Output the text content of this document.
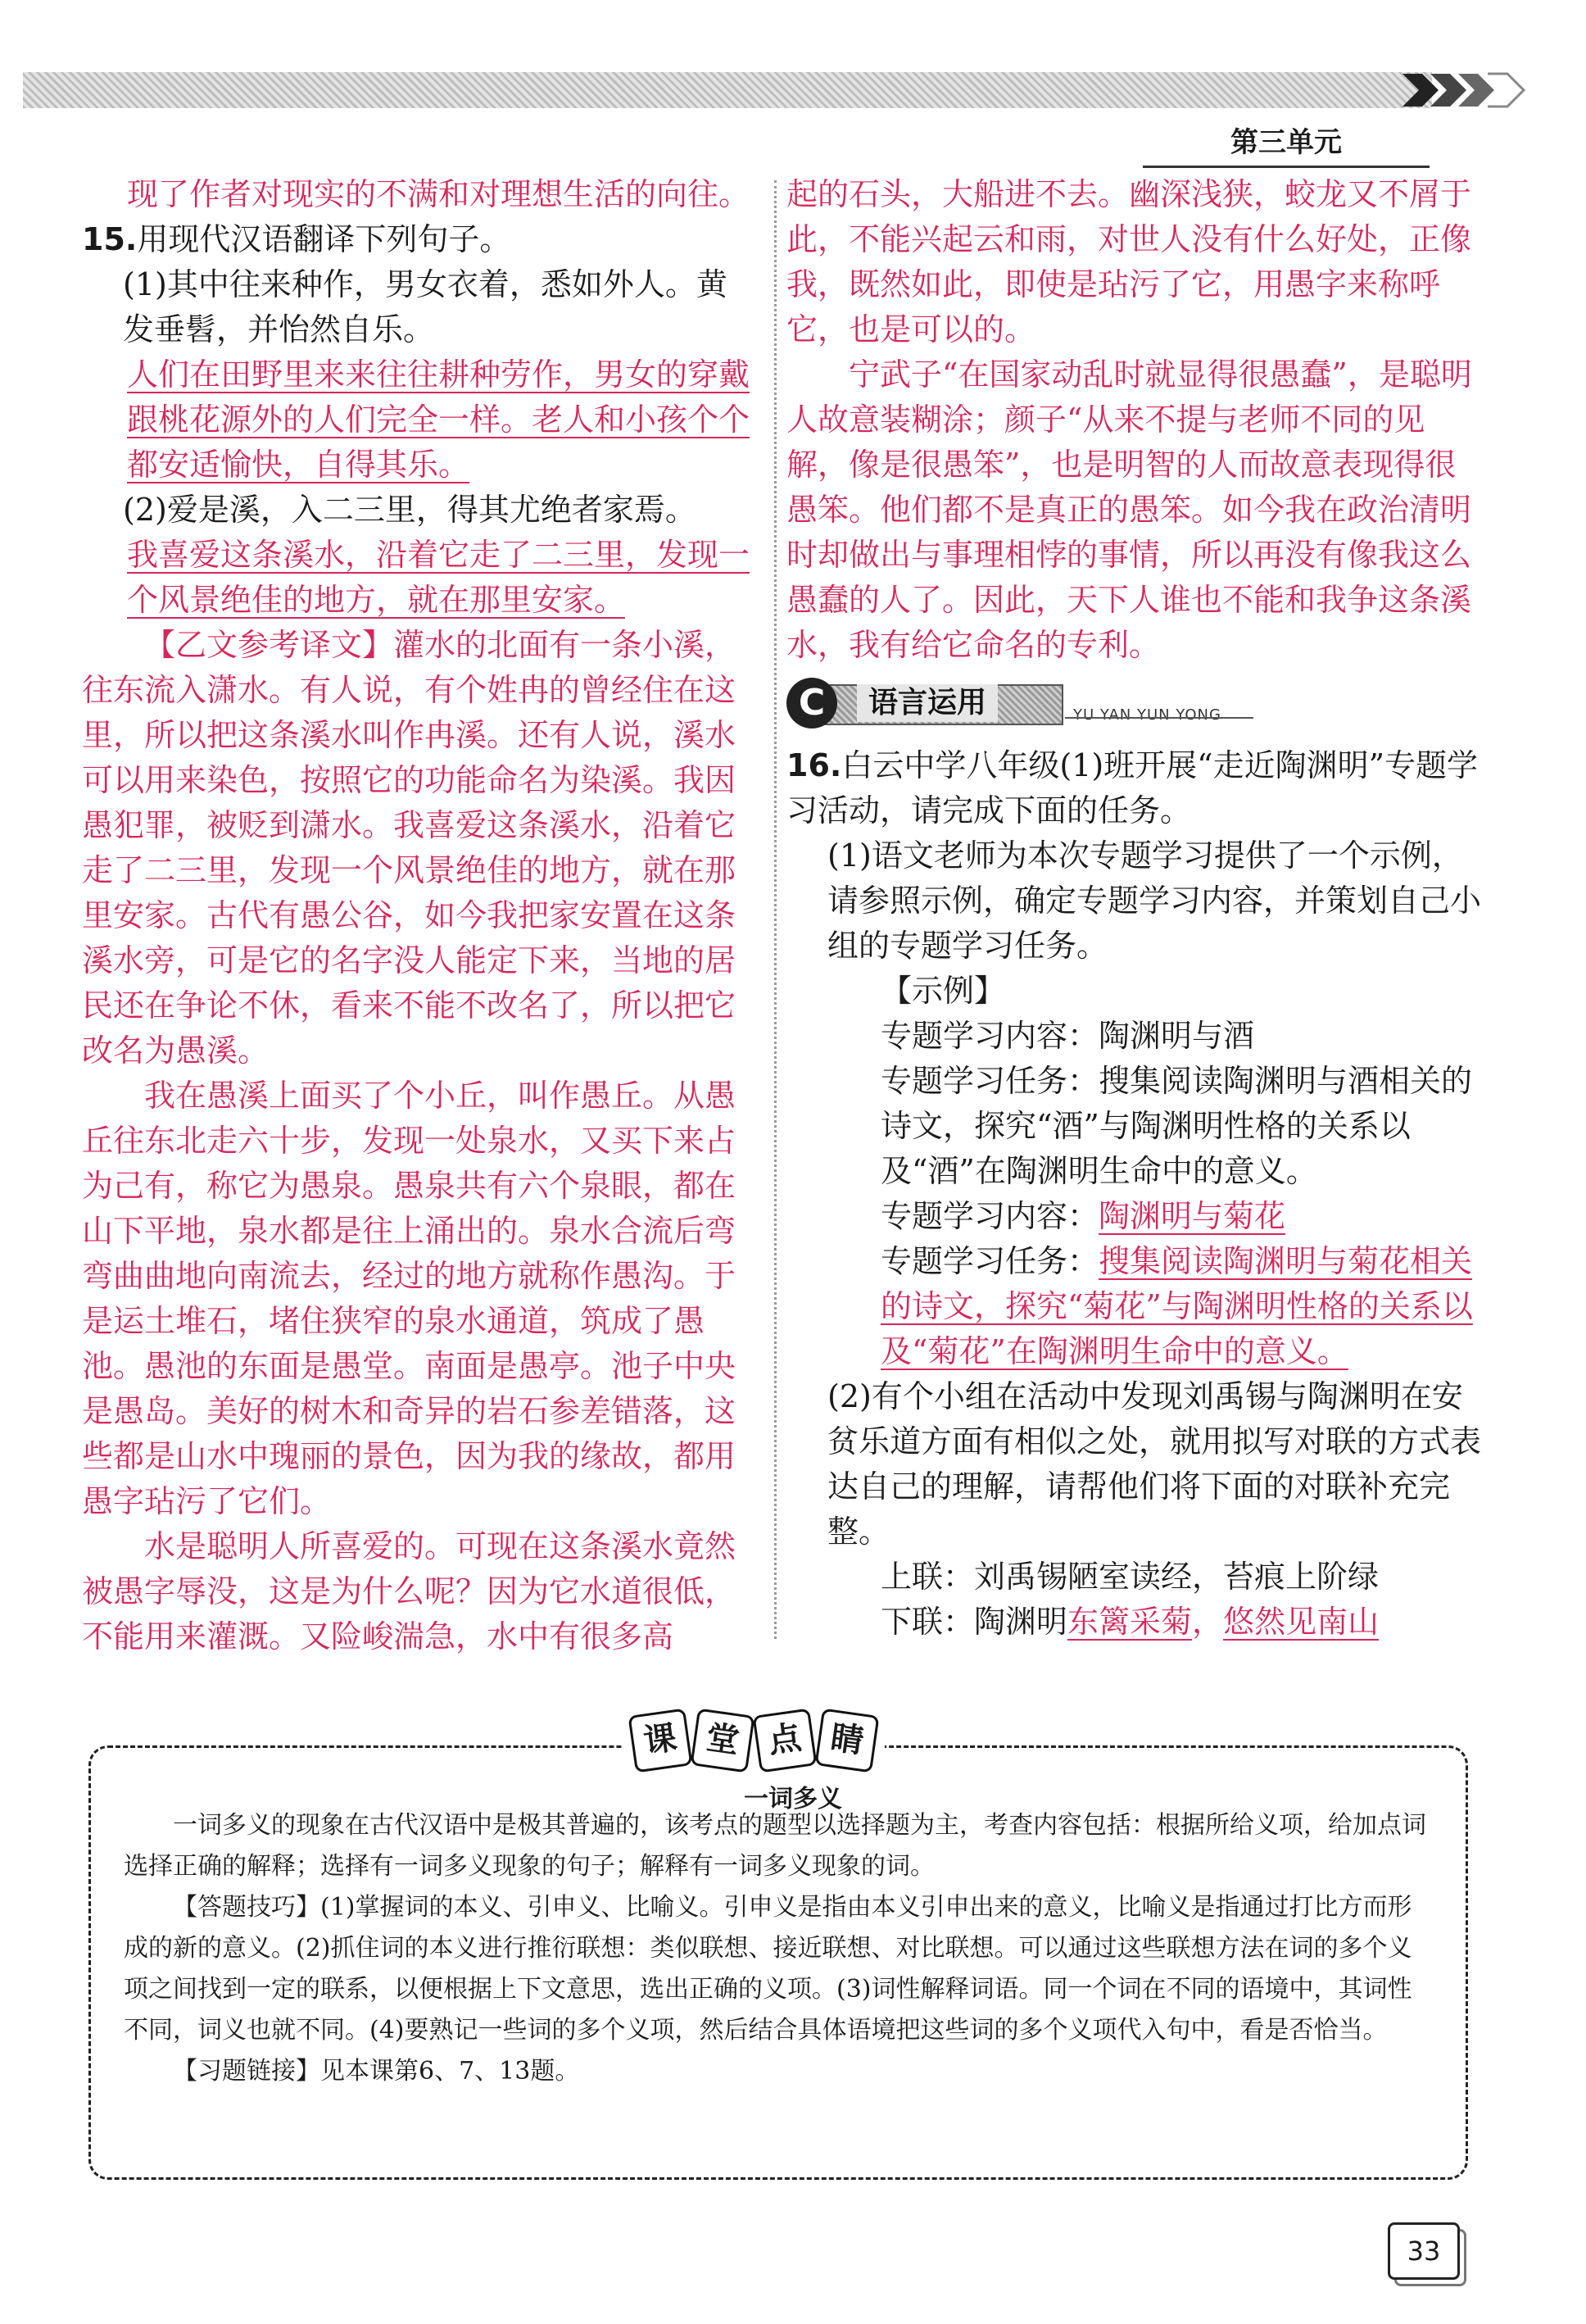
第三单元

现了作者对现实的不满和对理想生活的向往。

15.用现代汉语翻译下列句子。

(1)其中往来种作，男女衣着，悉如外人。黄发垂髫，并怡然自乐。

人们在田野里来来往往耕种劳作，男女的穿戴跟桃花源外的人们完全一样。老人和小孩个个都安适愉快，自得其乐。

(2)爱是溪，入二三里，得其尤绝者家焉。

我喜爱这条溪水，沿着它走了二三里，发现一个风景绝佳的地方，就在那里安家。

【乙文参考译文】灌水的北面有一条小溪，往东流入潇水。有人说，有个姓冉的曾经住在这里，所以把这条溪水叫作冉溪。还有人说，溪水可以用来染色，按照它的功能命名为染溪。我因愚犯罪，被贬到潇水。我喜爱这条溪水，沿着它走了二三里，发现一个风景绝佳的地方，就在那里安家。古代有愚公谷，如今我把家安置在这条溪水旁，可是它的名字没人能定下来，当地的居民还在争论不休，看来不能不改名了，所以把它改名为愚溪。

我在愚溪上面买了个小丘，叫作愚丘。从愚丘往东北走六十步，发现一处泉水，又买下来占为己有，称它为愚泉。愚泉共有六个泉眼，都在山下平地，泉水都是往上涌出的。泉水合流后弯弯曲曲地向南流去，经过的地方就称作愚沟。于是运土堆石，堵住狭窄的泉水通道，筑成了愚池。愚池的东面是愚堂。南面是愚亭。池子中央是愚岛。美好的树木和奇异的岩石参差错落，这些都是山水中瑰丽的景色，因为我的缘故，都用愚字玷污了它们。

水是聪明人所喜爱的。可现在这条溪水竟然被愚字辱没，这是为什么呢？因为它水道很低，不能用来灌溉。又险峻湍急，水中有很多高

起的石头，大船进不去。幽深浅狭，蛟龙又不屑于此，不能兴起云和雨，对世人没有什么好处，正像我，既然如此，即使是玷污了它，用愚字来称呼它，也是可以的。

宁武子“在国家动乱时就显得很愚蠢”，是聪明人故意装糊涂；颜子“从来不提与老师不同的见解，像是很愚笨”，也是明智的人而故意表现得很愚笨。他们都不是真正的愚笨。如今我在政治清明时却做出与事理相悖的事情，所以再没有像我这么愚蠢的人了。因此，天下人谁也不能和我争这条溪水，我有给它命名的专利。

C	语言运用	YU YAN YUN YONG

16.白云中学八年级(1)班开展“走近陶渊明”专题学习活动，请完成下面的任务。

(1)语文老师为本次专题学习提供了一个示例，请参照示例，确定专题学习内容，并策划自己小组的专题学习任务。

【示例】

专题学习内容：陶渊明与酒

专题学习任务：搜集阅读陶渊明与酒相关的诗文，探究“酒”与陶渊明性格的关系以及“酒”在陶渊明生命中的意义。

专题学习内容：陶渊明与菊花

专题学习任务：搜集阅读陶渊明与菊花相关的诗文，探究“菊花”与陶渊明性格的关系以及“菊花”在陶渊明生命中的意义。

(2)有个小组在活动中发现刘禹锡与陶渊明在安贫乐道方面有相似之处，就用拟写对联的方式表达自己的理解，请帮他们将下面的对联补充完整。

上联：刘禹锡陋室读经，苔痕上阶绿

下联：陶渊明东篱采菊，悠然见南山

一词多义的现象在古代汉语中是极其普遍的，该考点的题型以选择题为主，考查内容包括：根据所给义项，给加点词选择正确的解释；选择有一词多义现象的句子；解释有一词多义现象的词。

【答题技巧】(1)掌握词的本义、引申义、比喻义。引申义是指由本义引申出来的意义，比喻义是指通过打比方而形成的新的意义。(2)抓住词的本义进行推衍联想：类似联想、接近联想、对比联想。可以通过这些联想方法在词的多个义项之间找到一定的联系，以便根据上下文意思，选出正确的义项。(3)词性解释词语。同一个词在不同的语境中，其词性不同，词义也就不同。(4)要熟记一些词的多个义项，然后结合具体语境把这些词的多个义项代入句中，看是否恰当。

【习题链接】见本课第6、7、13题。

课 堂 点 睛
一词多义
33
